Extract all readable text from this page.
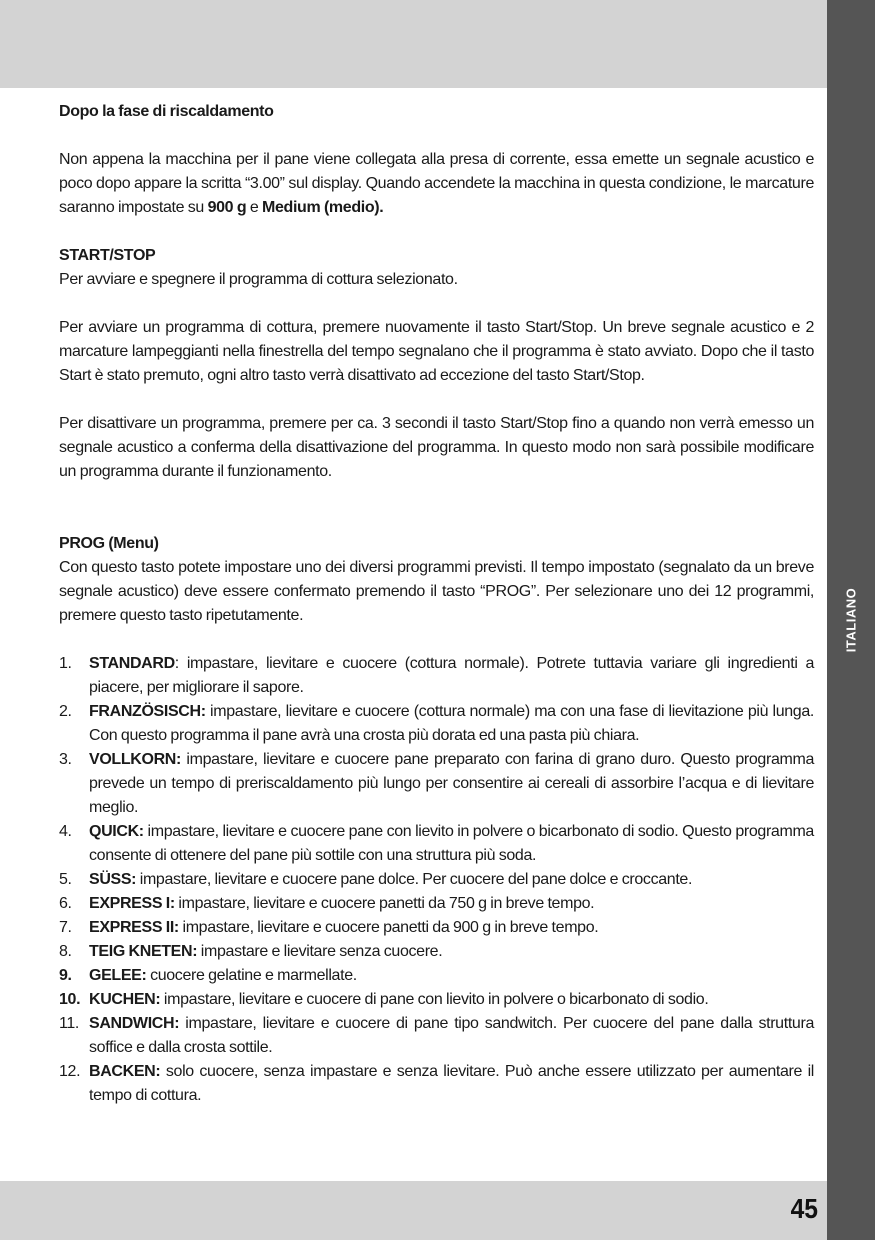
ITALIANO
45
Dopo la fase di riscaldamento

Non appena la macchina per il pane viene collegata alla presa di corrente, essa emette un segnale acustico e poco dopo appare la scritta “3.00” sul display. Quando accendete la macchina in questa condizione, le marcature saranno impostate su 900 g e Medium (medio).

START/STOP

Per avviare e spegnere il programma di cottura selezionato.

Per avviare un programma di cottura, premere nuovamente il tasto Start/Stop. Un breve segnale acustico e 2 marcature lampeggianti nella finestrella del tempo segnalano che il programma è stato avviato. Dopo che il tasto Start è stato premuto, ogni altro tasto verrà disattivato ad eccezione del tasto Start/Stop.

Per disattivare un programma, premere per ca. 3 secondi il tasto Start/Stop fino a quando non verrà emesso un segnale acustico a conferma della disattivazione del programma. In questo modo non sarà possibile modificare un programma durante il funzionamento.

PROG (Menu)

Con questo tasto potete impostare uno dei diversi programmi previsti. Il tempo impostato (segnalato da un breve segnale acustico) deve essere confermato premendo il tasto “PROG”. Per selezionare uno dei 12 programmi, premere questo tasto ripetutamente.

1. STANDARD: impastare, lievitare e cuocere (cottura normale). Potrete tuttavia variare gli ingredienti a piacere, per migliorare il sapore.
2. FRANZÖSISCH: impastare, lievitare e cuocere (cottura normale) ma con una fase di lievitazione più lunga. Con questo programma il pane avrà una crosta più dorata ed una pasta più chiara.
3. VOLLKORN: impastare, lievitare e cuocere pane preparato con farina di grano duro. Questo programma prevede un tempo di preriscaldamento più lungo per consentire ai cereali di assorbire l’acqua e di lievitare meglio.
4. QUICK: impastare, lievitare e cuocere pane con lievito in polvere o bicarbonato di sodio. Questo programma consente di ottenere del pane più sottile con una struttura più soda.
5. SÜSS: impastare, lievitare e cuocere pane dolce. Per cuocere del pane dolce e croccante.
6. EXPRESS I: impastare, lievitare e cuocere panetti da 750 g in breve tempo.
7. EXPRESS II: impastare, lievitare e cuocere panetti da 900 g in breve tempo.
8. TEIG KNETEN: impastare e lievitare senza cuocere.
9. GELEE: cuocere gelatine e marmellate.
10. KUCHEN: impastare, lievitare e cuocere di pane con lievito in polvere o bicarbonato di sodio.
11. SANDWICH: impastare, lievitare e cuocere di pane tipo sandwitch. Per cuocere del pane dalla struttura soffice e dalla crosta sottile.
12. BACKEN: solo cuocere, senza impastare e senza lievitare. Può anche essere utilizzato per aumentare il tempo di cottura.
